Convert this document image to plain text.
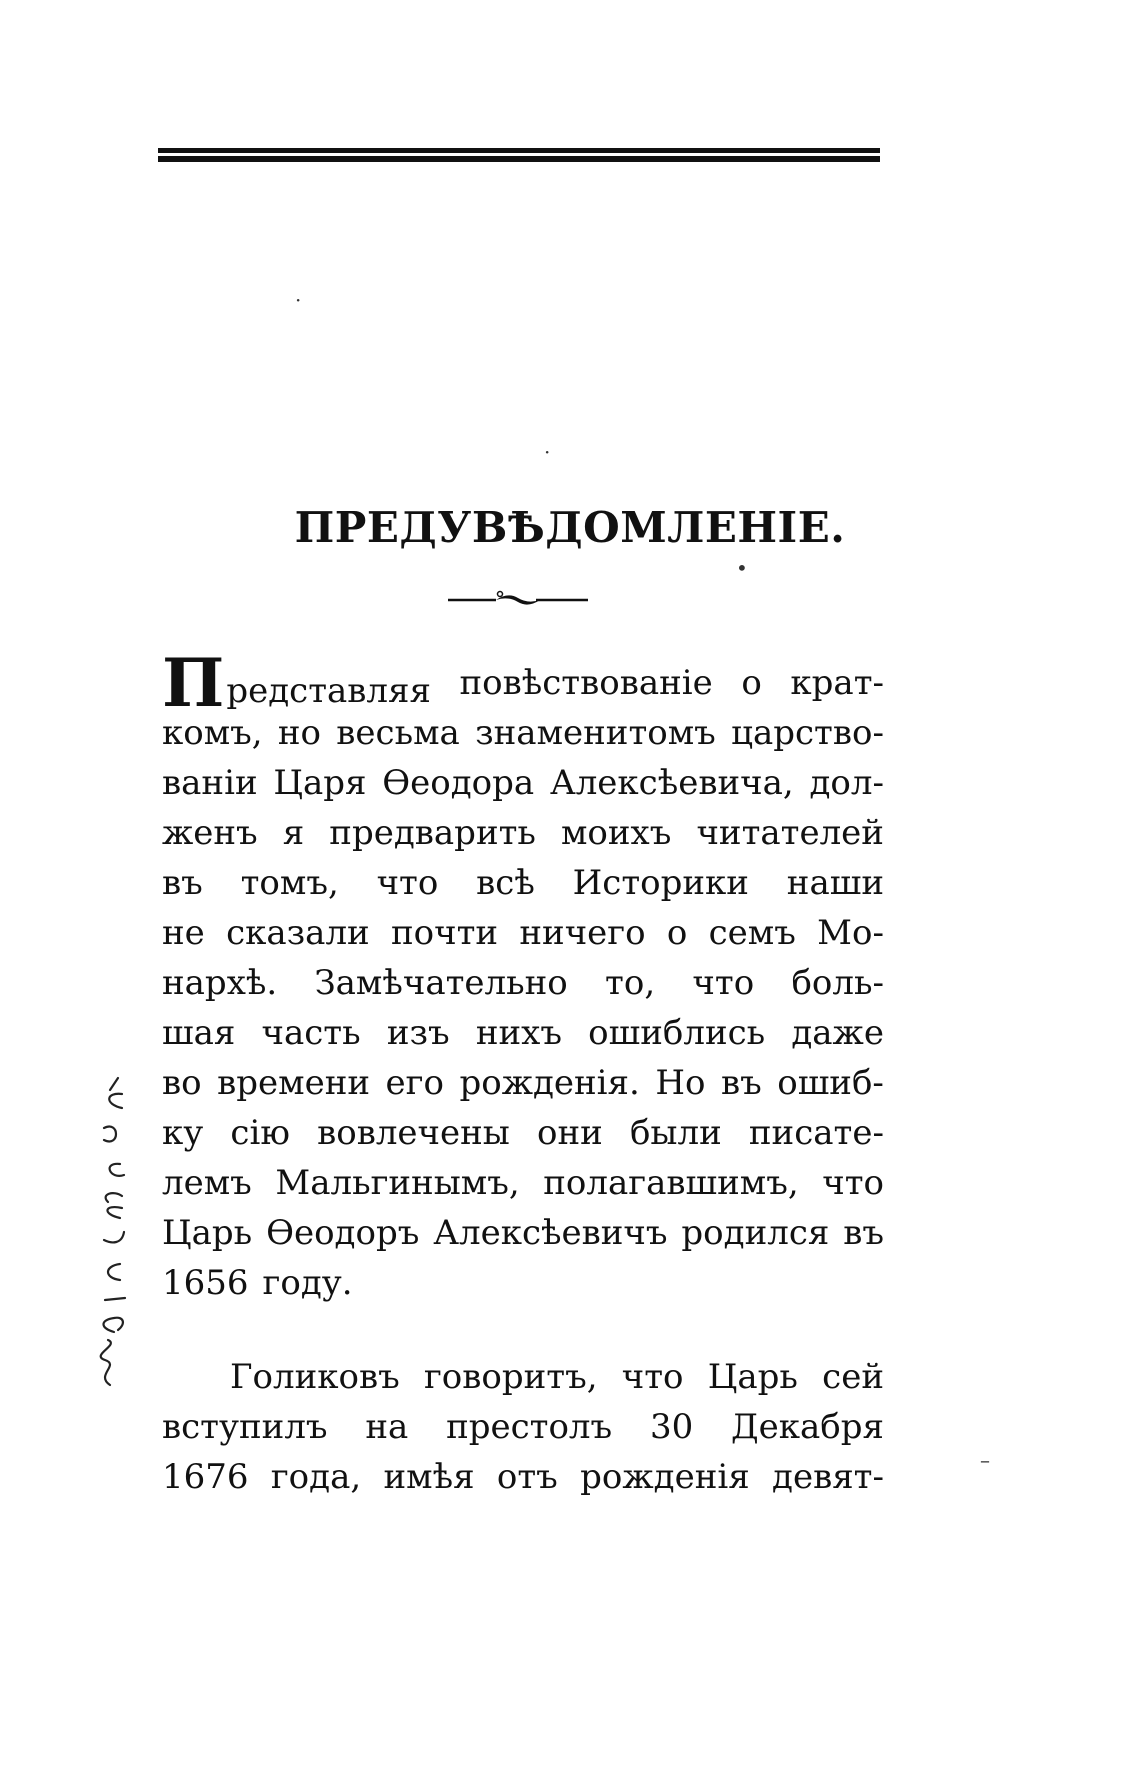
ПРЕДУВѢДОМЛЕНІЕ.
Представляя повѣствованіе о крат-
комъ, но весьма знаменитомъ царство-
ваніи Царя Ѳеодора Алексѣевича, дол-
женъ я предварить моихъ читателей
въ томъ, что всѣ Историки наши
не сказали почти ничего о семъ Мо-
нархѣ. Замѣчательно то, что боль-
шая часть изъ нихъ ошиблись даже
во времени его рожденія. Но въ ошиб-
ку сію вовлечены они были писате-
лемъ Мальгинымъ, полагавшимъ, что
Царь Ѳеодоръ Алексѣевичъ родился въ
1656 году.
Голиковъ говоритъ, что Царь сей
вступилъ на престолъ 30 Декабря
1676 года, имѣя отъ рожденія девят-
·
·
•
–
